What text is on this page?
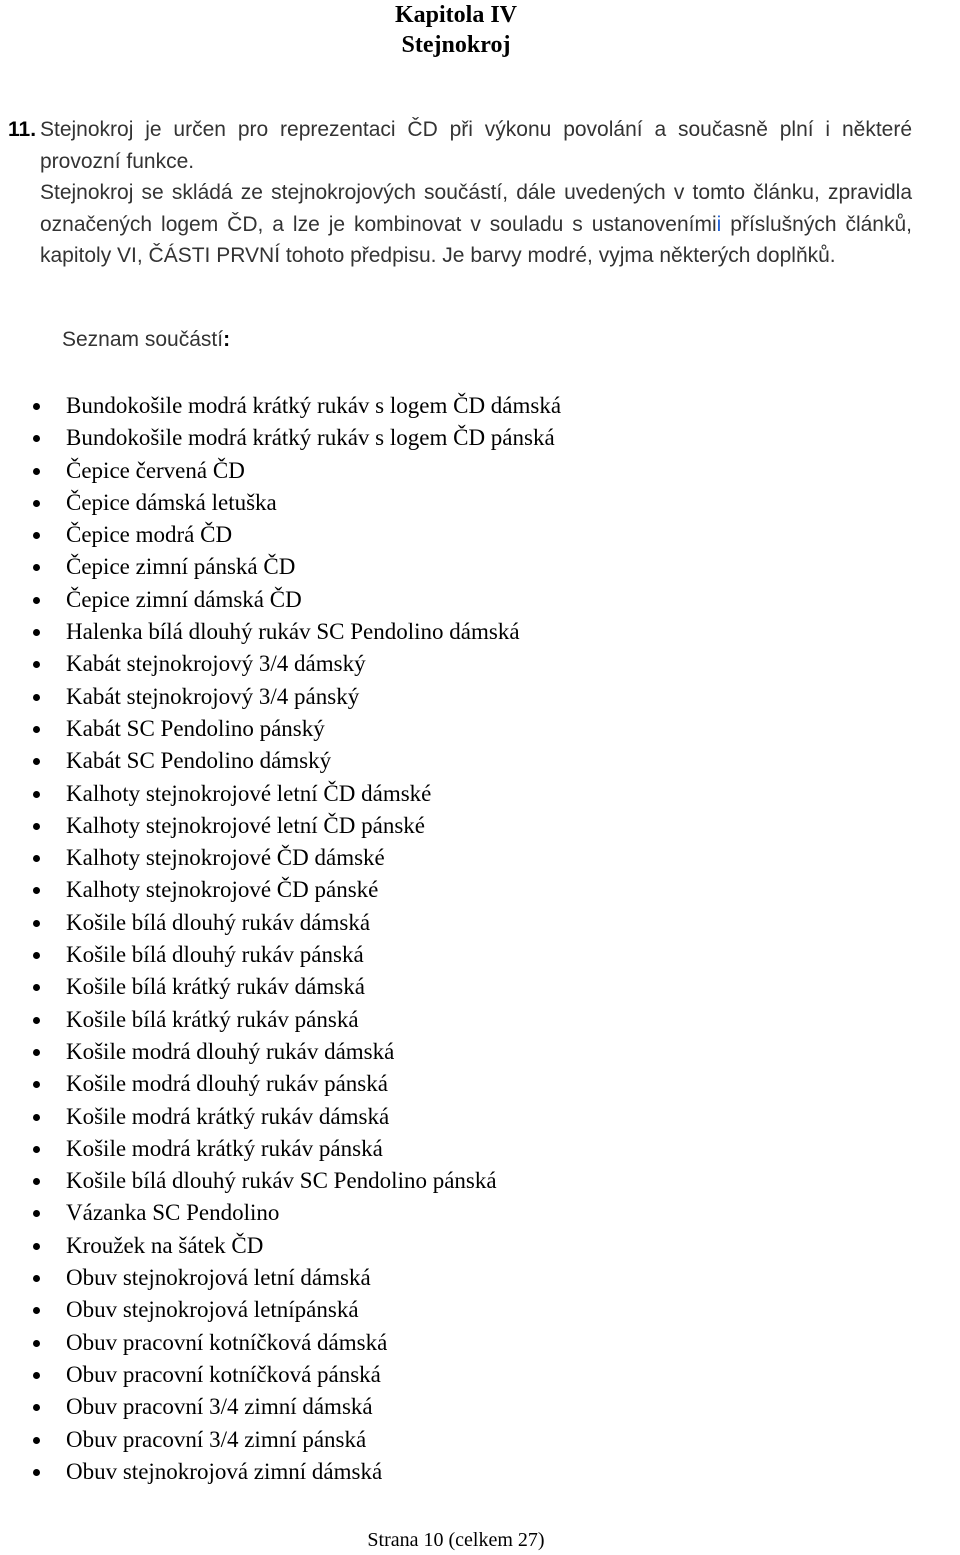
Kapitola IV
Stejnokroj
11. Stejnokroj je určen pro reprezentaci ČD při výkonu povolání a současně plní i některé provozní funkce.
Stejnokroj se skládá ze stejnokrojových součástí, dále uvedených v tomto článku, zpravidla označených logem ČD, a lze je kombinovat v souladu s ustanovenímii příslušných článků, kapitoly VI, ČÁSTI PRVNÍ tohoto předpisu. Je barvy modré, vyjma některých doplňků.
Seznam součástí:
Bundokošile modrá krátký rukáv s logem ČD dámská
Bundokošile modrá krátký rukáv s logem ČD pánská
Čepice červená ČD
Čepice dámská letuška
Čepice modrá ČD
Čepice zimní pánská ČD
Čepice zimní dámská ČD
Halenka bílá dlouhý rukáv SC Pendolino dámská
Kabát stejnokrojový 3/4 dámský
Kabát stejnokrojový 3/4 pánský
Kabát SC Pendolino pánský
Kabát SC Pendolino dámský
Kalhoty stejnokrojové letní ČD dámské
Kalhoty stejnokrojové letní ČD pánské
Kalhoty stejnokrojové ČD dámské
Kalhoty stejnokrojové ČD pánské
Košile bílá dlouhý rukáv dámská
Košile bílá dlouhý rukáv pánská
Košile bílá krátký rukáv dámská
Košile bílá krátký rukáv pánská
Košile modrá dlouhý rukáv dámská
Košile modrá dlouhý rukáv pánská
Košile modrá krátký rukáv dámská
Košile modrá krátký rukáv pánská
Košile bílá dlouhý rukáv SC Pendolino pánská
Vázanka SC Pendolino
Kroužek na šátek ČD
Obuv stejnokrojová letní dámská
Obuv stejnokrojová letnípánská
Obuv pracovní kotníčková dámská
Obuv pracovní kotníčková pánská
Obuv pracovní 3/4 zimní dámská
Obuv pracovní 3/4 zimní pánská
Obuv stejnokrojová zimní dámská
Strana 10 (celkem 27)
